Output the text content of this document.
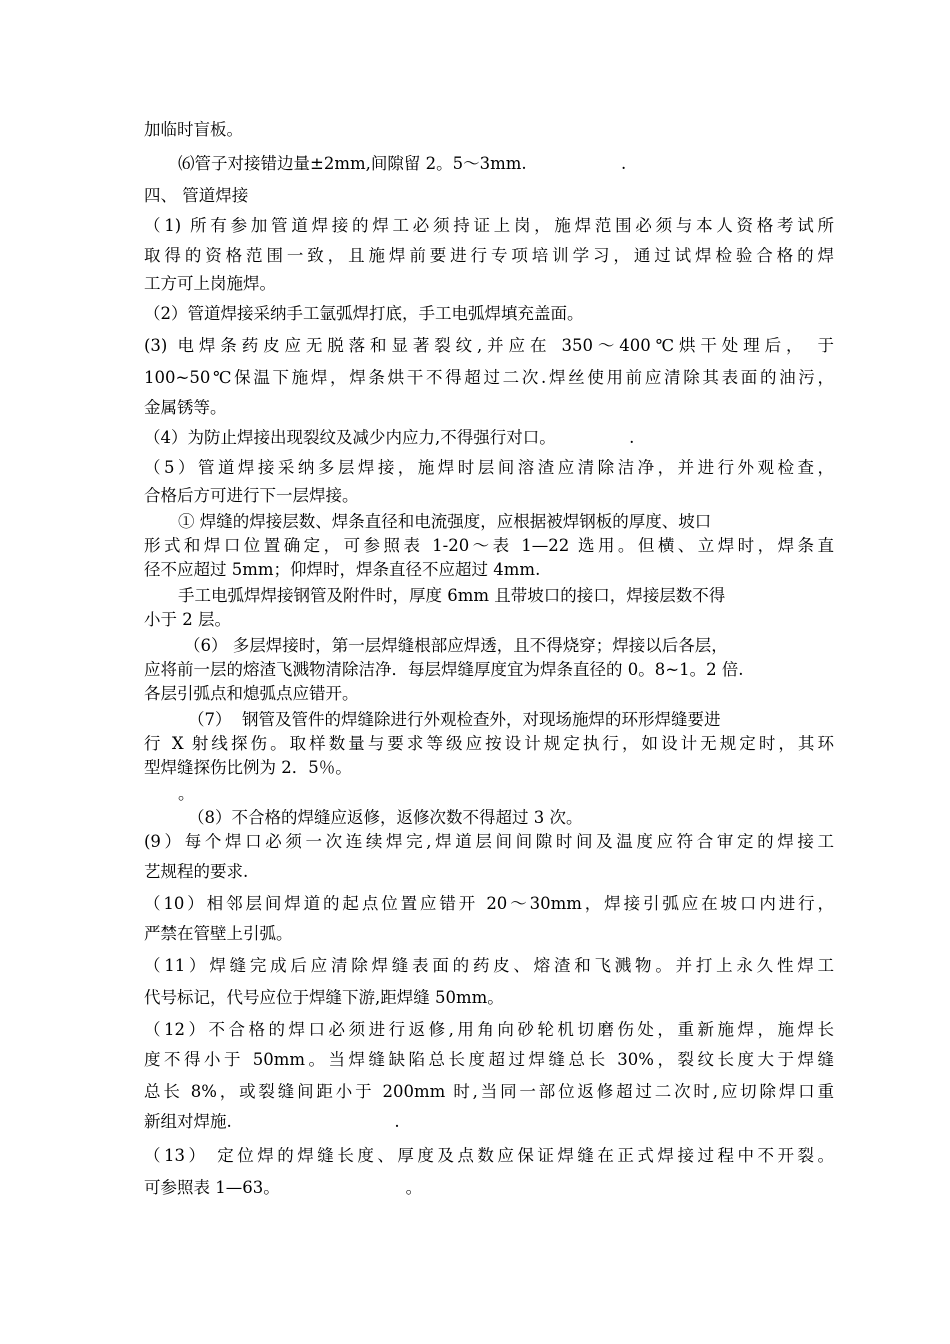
加临时盲板。
⑹管子对接错边量±2mm,间隙留 2。5～3mm.                  .
四、 管道焊接
（1) 所有参加管道焊接的焊工必须持证上岗，施焊范围必须与本人资格考试所
取得的资格范围一致，且施焊前要进行专项培训学习，通过试焊检验合格的焊
工方可上岗施焊。
（2）管道焊接采纳手工氩弧焊打底，手工电弧焊填充盖面。
(3) 电焊条药皮应无脱落和显著裂纹,并应在 350～400℃烘干处理后， 于
100~50℃保温下施焊，焊条烘干不得超过二次.焊丝使用前应清除其表面的油污，
金属锈等。
（4）为防止焊接出现裂纹及减少内应力,不得强行对口。              .
（5）管道焊接采纳多层焊接，施焊时层间溶渣应清除洁净，并进行外观检查，
合格后方可进行下一层焊接。
① 焊缝的焊接层数、焊条直径和电流强度，应根据被焊钢板的厚度、坡口
形式和焊口位置确定，可参照表 1-20～表 1—22 选用。但横、立焊时，焊条直
径不应超过 5mm；仰焊时，焊条直径不应超过 4mm.
手工电弧焊焊接钢管及附件时，厚度 6mm 且带坡口的接口，焊接层数不得
小于 2 层。
（6） 多层焊接时，第一层焊缝根部应焊透，且不得烧穿；焊接以后各层，
应将前一层的熔渣飞溅物清除洁净．每层焊缝厚度宜为焊条直径的 0。8~1。2 倍.
各层引弧点和熄弧点应错开。
（7）  钢管及管件的焊缝除进行外观检查外，对现场施焊的环形焊缝要进
行 X 射线探伤。取样数量与要求等级应按设计规定执行，如设计无规定时，其环
型焊缝探伤比例为 2．5％。
。
（8）不合格的焊缝应返修，返修次数不得超过 3 次。
(9）每个焊口必须一次连续焊完,焊道层间间隙时间及温度应符合审定的焊接工
艺规程的要求.
（10）相邻层间焊道的起点位置应错开 20～30mm，焊接引弧应在坡口内进行，
严禁在管壁上引弧。
（11）焊缝完成后应清除焊缝表面的药皮、熔渣和飞溅物。并打上永久性焊工
代号标记，代号应位于焊缝下游,距焊缝 50mm。
（12）不合格的焊口必须进行返修,用角向砂轮机切磨伤处，重新施焊，施焊长
度不得小于 50mm。当焊缝缺陷总长度超过焊缝总长 30%，裂纹长度大于焊缝
总长 8%，或裂缝间距小于 200mm 时,当同一部位返修超过二次时,应切除焊口重
新组对焊施.                               .
（13） 定位焊的焊缝长度、厚度及点数应保证焊缝在正式焊接过程中不开裂。
可参照表 1—63。                        。
